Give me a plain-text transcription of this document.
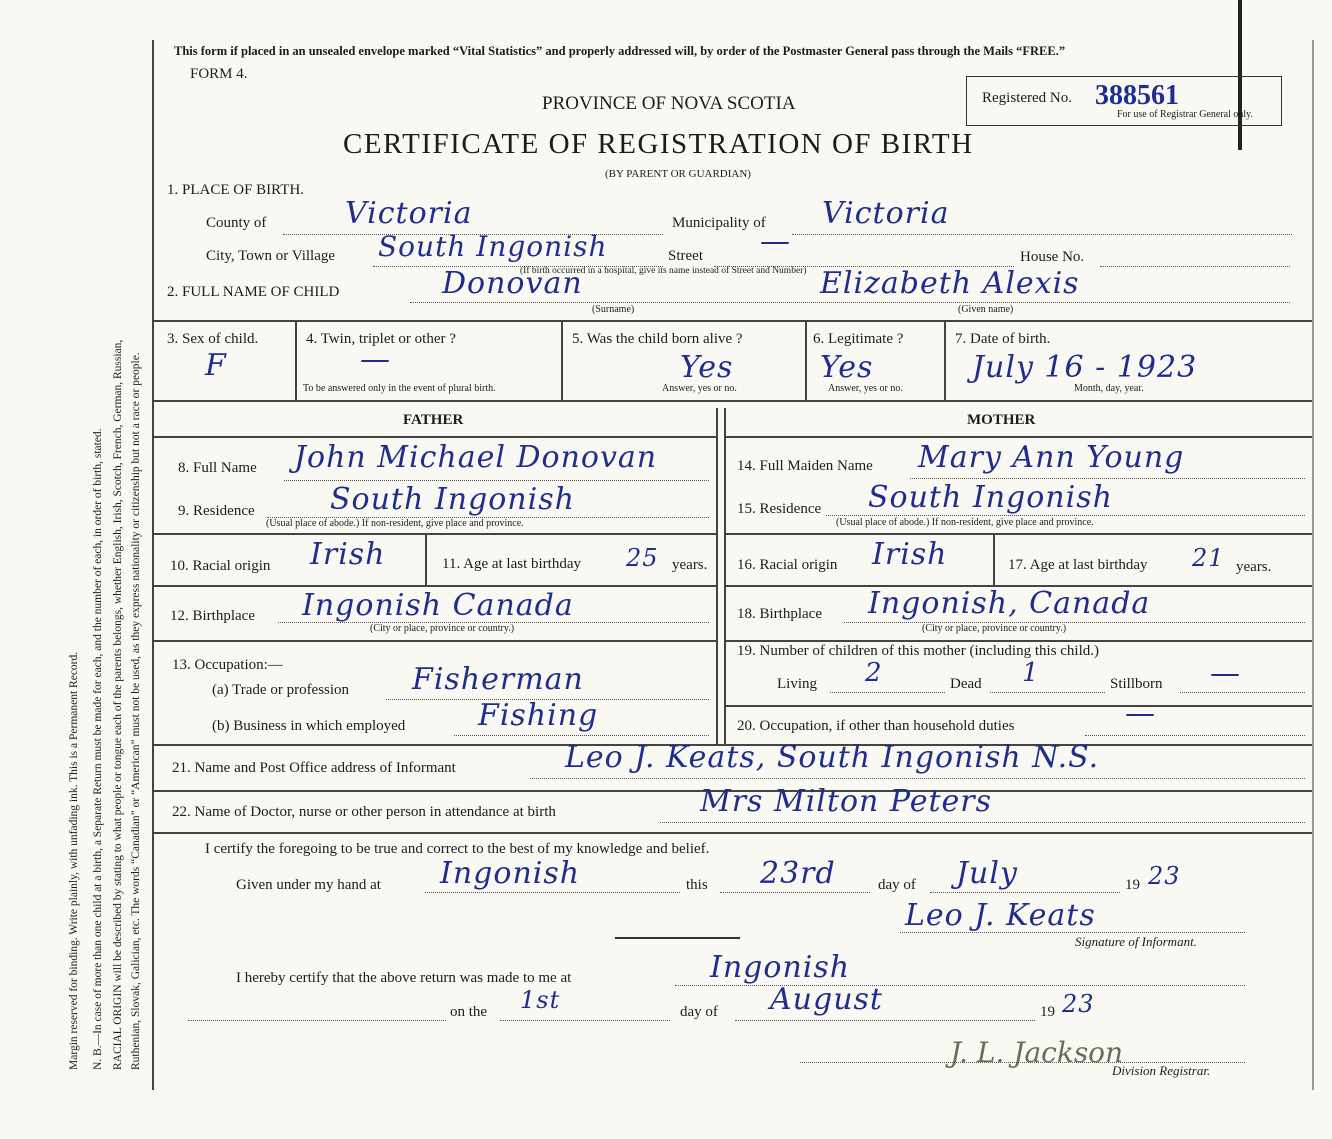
Margin reserved for binding. Write plainly, with unfading ink. This is a Permanent Record. N. B.—In case of more than one child at a birth, a Separate Return must be made for each, and the number of each, in order of birth, stated. RACIAL ORIGIN will be described by stating to what people or tongue each of the parents belongs, whether English, Irish, Scotch, French, German, Russian, Ruthenian, Slovak, Galician, etc. The words “Canadian” or “American” must not be used, as they express nationality or citizenship but not a race or people.
This form if placed in an unsealed envelope marked “Vital Statistics” and properly addressed will, by order of the Postmaster General pass through the Mails “FREE.”
FORM 4.
PROVINCE OF NOVA SCOTIA
CERTIFICATE OF REGISTRATION OF BIRTH
(BY PARENT OR GUARDIAN)
Registered No. 388561
For use of Registrar General only.
1. PLACE OF BIRTH.
County of	Victoria	Municipality of Victoria
City, Town or Village South Ingonish	Street —	House No.
(If birth occurred in a hospital, give its name instead of Street and Number)
2. FULL NAME OF CHILD	Donovan	Elizabeth Alexis
(Surname)	(Given name)
3. Sex of child.
F
4. Twin, triplet or other ?
—
To be answered only in the event of plural birth.
5. Was the child born alive ?
Yes
Answer, yes or no.
6. Legitimate ?
Yes
Answer, yes or no.
7. Date of birth.
July 16 - 1923
Month, day, year.
FATHER	MOTHER
8. Full Name John Michael Donovan
9. Residence	South Ingonish
(Usual place of abode.) If non-resident, give place and province.
10. Racial origin Irish	11. Age at last birthday 25 years.
12. Birthplace Ingonish Canada
(City or place, province or country.)
13. Occupation:—
(a) Trade or profession Fisherman
(b) Business in which employed Fishing
14. Full Maiden Name Mary Ann Young
15. Residence South Ingonish
(Usual place of abode.) If non-resident, give place and province.
16. Racial origin Irish	17. Age at last birthday 21 years.
18. Birthplace Ingonish, Canada
(City or place, province or country.)
19. Number of children of this mother (including this child.)
Living 2	Dead 1	Stillborn —
20. Occupation, if other than household duties	—
21. Name and Post Office address of Informant	Leo J. Keats, South Ingonish N.S.
22. Name of Doctor, nurse or other person in attendance at birth	Mrs Milton Peters
I certify the foregoing to be true and correct to the best of my knowledge and belief.
Given under my hand at Ingonish	this 23rd	day of July	19 23
Leo J. Keats
Signature of Informant.
I hereby certify that the above return was made to me at	Ingonish
on the 1st	day of August	19 23
J. L. Jackson
Division Registrar.
